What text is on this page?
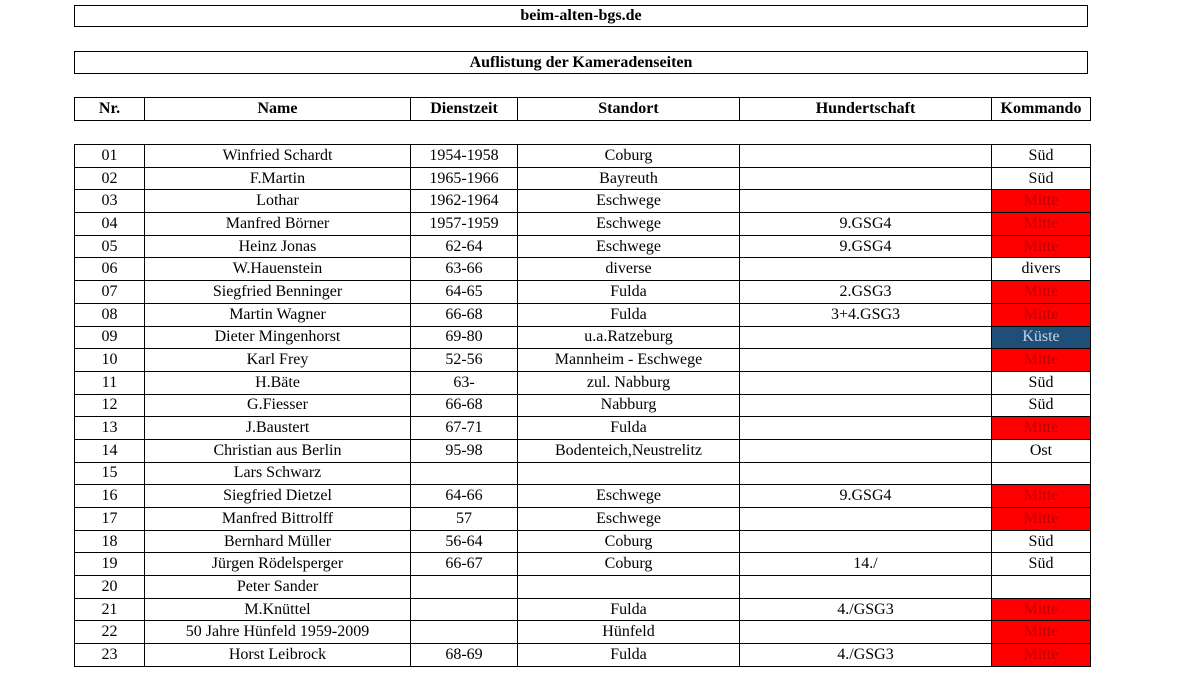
beim-alten-bgs.de
Auflistung der Kameradenseiten
Nr.	Name	Dienstzeit	Standort	Hundertschaft	Kommando
01	Winfried Schardt	1954-1958	Coburg		Süd
02	F.Martin	1965-1966	Bayreuth		Süd
03	Lothar	1962-1964	Eschwege		Mitte
04	Manfred Börner	1957-1959	Eschwege	9.GSG4	Mitte
05	Heinz Jonas	62-64	Eschwege	9.GSG4	Mitte
06	W.Hauenstein	63-66	diverse		divers
07	Siegfried Benninger	64-65	Fulda	2.GSG3	Mitte
08	Martin Wagner	66-68	Fulda	3+4.GSG3	Mitte
09	Dieter Mingenhorst	69-80	u.a.Ratzeburg		Küste
10	Karl Frey	52-56	Mannheim - Eschwege		Mitte
11	H.Bäte	63-	zul. Nabburg		Süd
12	G.Fiesser	66-68	Nabburg		Süd
13	J.Baustert	67-71	Fulda		Mitte
14	Christian aus Berlin	95-98	Bodenteich,Neustrelitz		Ost
15	Lars Schwarz				
16	Siegfried Dietzel	64-66	Eschwege	9.GSG4	Mitte
17	Manfred Bittrolff	57	Eschwege		Mitte
18	Bernhard Müller	56-64	Coburg		Süd
19	Jürgen Rödelsperger	66-67	Coburg	14./	Süd
20	Peter Sander				
21	M.Knüttel		Fulda	4./GSG3	Mitte
22	50 Jahre Hünfeld 1959-2009		Hünfeld		Mitte
23	Horst Leibrock	68-69	Fulda	4./GSG3	Mitte
